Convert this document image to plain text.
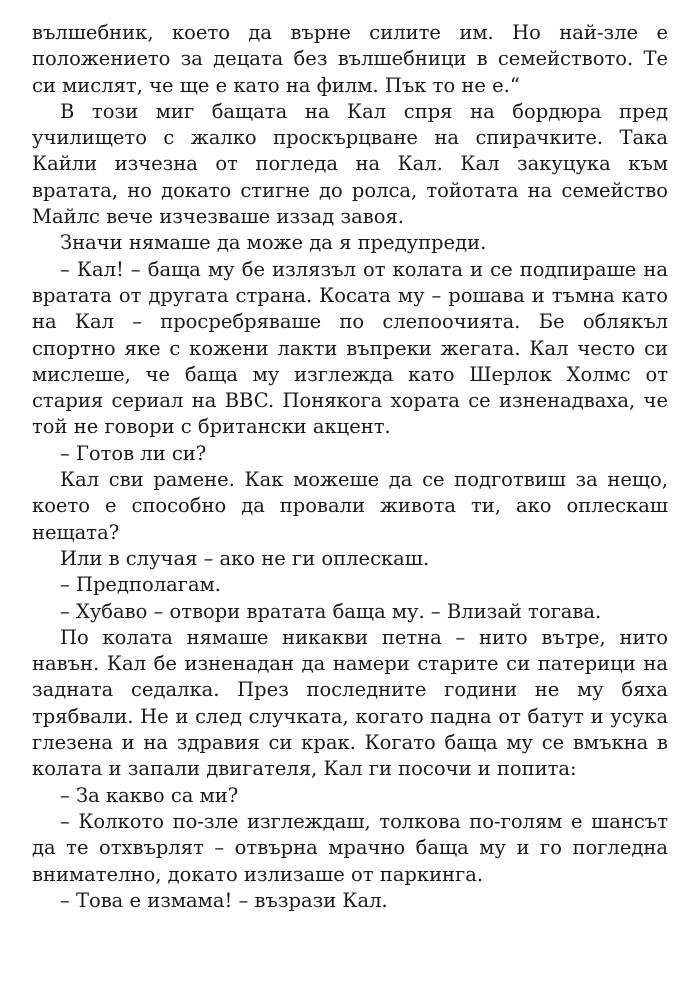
вълшебник, което да върне силите им. Но най-зле е положението за децата без вълшебници в семейството. Те си мислят, че ще е като на филм. Пък то не е.“

В този миг бащата на Кал спря на бордюра пред училището с жалко проскърцване на спирачките. Така Кайли изчезна от погледа на Кал. Кал закуцука към вратата, но докато стигне до ролса, тойотата на семейство Майлс вече изчезваше иззад завоя.

Значи нямаше да може да я предупреди.

– Кал! – баща му бе излязъл от колата и се подпираше на вратата от другата страна. Косата му – рошава и тъмна като на Кал – просребряваше по слепоочията. Бе облякъл спортно яке с кожени лакти въпреки жегата. Кал често си мислеше, че баща му изглежда като Шерлок Холмс от стария сериал на BBC. Понякога хората се изненадваха, че той не говори с британски акцент.

– Готов ли си?

Кал сви рамене. Как можеше да се подготвиш за нещо, което е способно да провали живота ти, ако оплескаш нещата?

Или в случая – ако не ги оплескаш.

– Предполагам.

– Хубаво – отвори вратата баща му. – Влизай тогава.

По колата нямаше никакви петна – нито вътре, нито навън. Кал бе изненадан да намери старите си патерици на задната седалка. През последните години не му бяха трябвали. Не и след случката, когато падна от батут и усука глезена и на здравия си крак. Когато баща му се вмъкна в колата и запали двигателя, Кал ги посочи и попита:

– За какво са ми?

– Колкото по-зле изглеждаш, толкова по-голям е шансът да те отхвърлят – отвърна мрачно баща му и го погледна внимателно, докато излизаше от паркинга.

– Това е измама! – възрази Кал.
